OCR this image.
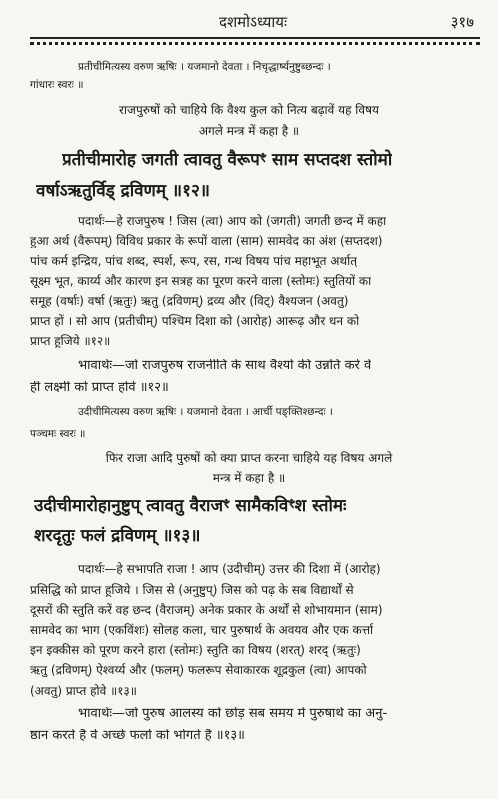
दशमोऽध्यायः	३१७
प्रतीचीमित्यस्य वरुण ऋषिः । यजमानो देवता । निचृद्धार्ष्यनुष्टुब्छन्दः ।
गांधारः स्वरः ॥
राजपुरुषों को चाहिये कि वैश्य कुल को नित्य बढ़ावें यह विषय
अगले मन्त्र में कहा है ॥
प्रतीचीमारोह जगती त्वावतु वैरूपꣳ साम सप्तदश स्तोमो
वर्षाऽऋतुर्विड् द्रविणम् ॥१२॥
पदार्थः—हे राजपुरुष ! जिस (त्वा) आप को (जगती) जगती छन्द में कहा
हुआ अर्थ (वैरूपम्) विविध प्रकार के रूपों वाला (साम) सामवेद का अंश (सप्तदश)
पांच कर्म इन्द्रिय, पांच शब्द, स्पर्श, रूप, रस, गन्ध विषय पांच महाभूत अर्थात्
सूक्ष्म भूत, कार्य्य और कारण इन सत्रह का पूरण करने वाला (स्तोमः) स्तुतियों का
समूह (वर्षाः) वर्षा (ऋतुः) ऋतु (द्रविणम्) द्रव्य और (विट्) वैश्यजन (अवतु)
प्राप्त हों । सो आप (प्रतीचीम्) पश्चिम दिशा को (आरोह) आरूढ़ और धन को
प्राप्त हूजिये ॥१२॥
भावार्थः—जो राजपुरुष राजनीति के साथ वैश्यों की उन्नति करें वे
ही लक्ष्मी को प्राप्त होवें ॥१२॥
उदीचीमित्यस्य वरुण ऋषिः । यजमानो देवता । आर्ची पङ्क्तिश्छन्दः ।
पञ्चमः स्वरः ॥
फिर राजा आदि पुरुषों को क्या प्राप्त करना चाहिये यह विषय अगले
मन्त्र में कहा है ॥
उदीचीमारोहानुष्टुप् त्वावतु वैराजꣳ सामैकविꣳश स्तोमः
शरदृतुः फलं द्रविणम् ॥१३॥
पदार्थः—हे सभापति राजा ! आप (उदीचीम्) उत्तर की दिशा में (आरोह)
प्रसिद्धि को प्राप्त हूजिये । जिस से (अनुष्टुप्) जिस को पढ़ के सब विद्यार्थों से
दूसरों की स्तुति करें वह छन्द (वैराजम्) अनेक प्रकार के अर्थों से शोभायमान (साम)
सामवेद का भाग (एकविंशः) सोलह कला, चार पुरुषार्थ के अवयव और एक कर्त्ता
इन इक्कीस को पूरण करने हारा (स्तोमः) स्तुति का विषय (शरत्) शरद् (ऋतुः)
ऋतु (द्रविणम्) ऐश्वर्य्य और (फलम्) फलरूप सेवाकारक शूद्रकुल (त्वा) आपको
(अवतु) प्राप्त होवे ॥१३॥
भावार्थः—जो पुरुष आलस्य को छोड़ सब समय में पुरुषार्थ का अनु-
ष्ठान करते हैं वे अच्छे फलों को भोगते हैं ॥१३॥
